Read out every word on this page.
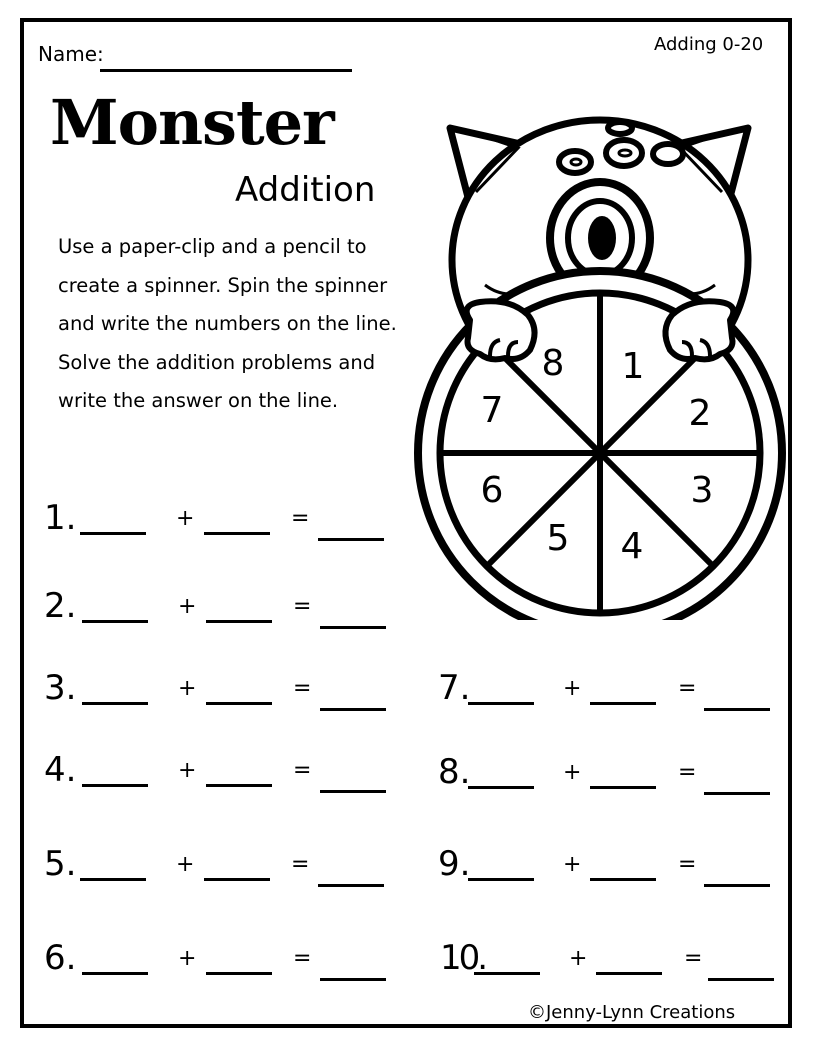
Name:	Adding 0-20
Monster
Addition
Use a paper-clip and a pencil to create a spinner. Spin the spinner and write the numbers on the line. Solve the addition problems and write the answer on the line.
1
2
3
4
5
6
7
8
1.	+	=
2.	+	=
3.	+	=
4.	+	=
5.	+	=
6.	+	=
7.	+	=
8.	+	=
9.	+	=
10.	+	=
©Jenny-Lynn Creations
